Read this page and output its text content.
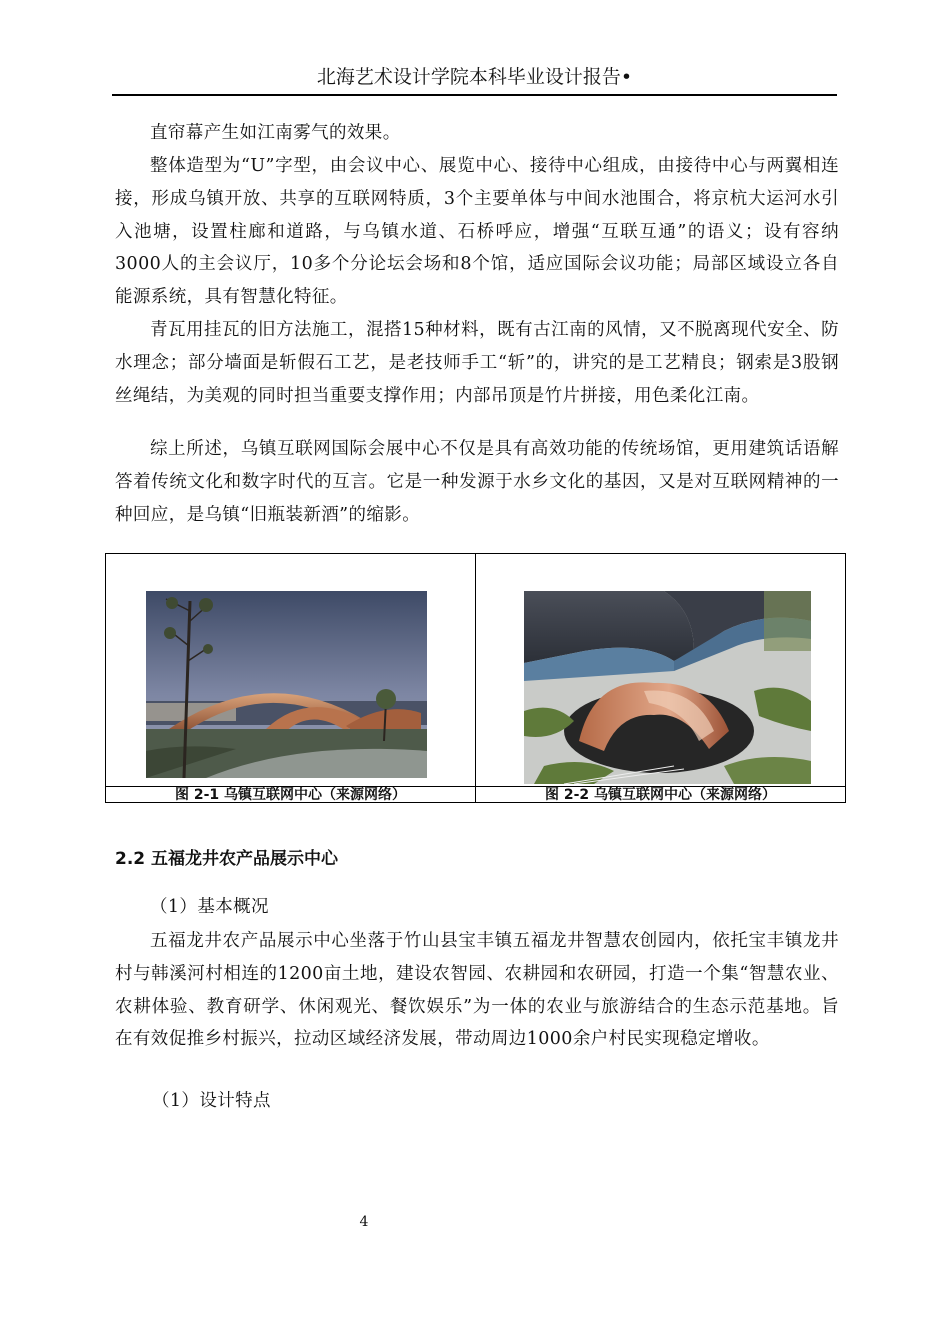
北海艺术设计学院本科毕业设计报告•

直帘幕产生如江南雾气的效果。

整体造型为“U”字型，由会议中心、展览中心、接待中心组成，由接待中心与两翼相连接，形成乌镇开放、共享的互联网特质，3个主要单体与中间水池围合，将京杭大运河水引入池塘，设置柱廊和道路，与乌镇水道、石桥呼应，增强“互联互通”的语义；设有容纳3000人的主会议厅，10多个分论坛会场和8个馆，适应国际会议功能；局部区域设立各自能源系统，具有智慧化特征。

青瓦用挂瓦的旧方法施工，混搭15种材料，既有古江南的风情，又不脱离现代安全、防水理念；部分墙面是斩假石工艺，是老技师手工“斩”的，讲究的是工艺精良；钢索是3股钢丝绳结，为美观的同时担当重要支撑作用；内部吊顶是竹片拼接，用色柔化江南。

综上所述，乌镇互联网国际会展中心不仅是具有高效功能的传统场馆，更用建筑话语解答着传统文化和数字时代的互言。它是一种发源于水乡文化的基因，又是对互联网精神的一种回应，是乌镇“旧瓶装新酒”的缩影。

图 2-1 乌镇互联网中心（来源网络）	图 2-2 乌镇互联网中心（来源网络）
2.2 五福龙井农产品展示中心

（1）基本概况

五福龙井农产品展示中心坐落于竹山县宝丰镇五福龙井智慧农创园内，依托宝丰镇龙井村与韩溪河村相连的1200亩土地，建设农智园、农耕园和农研园，打造一个集“智慧农业、农耕体验、教育研学、休闲观光、餐饮娱乐”为一体的农业与旅游结合的生态示范基地。旨在有效促推乡村振兴，拉动区域经济发展，带动周边1000余户村民实现稳定增收。

（1）设计特点

4
